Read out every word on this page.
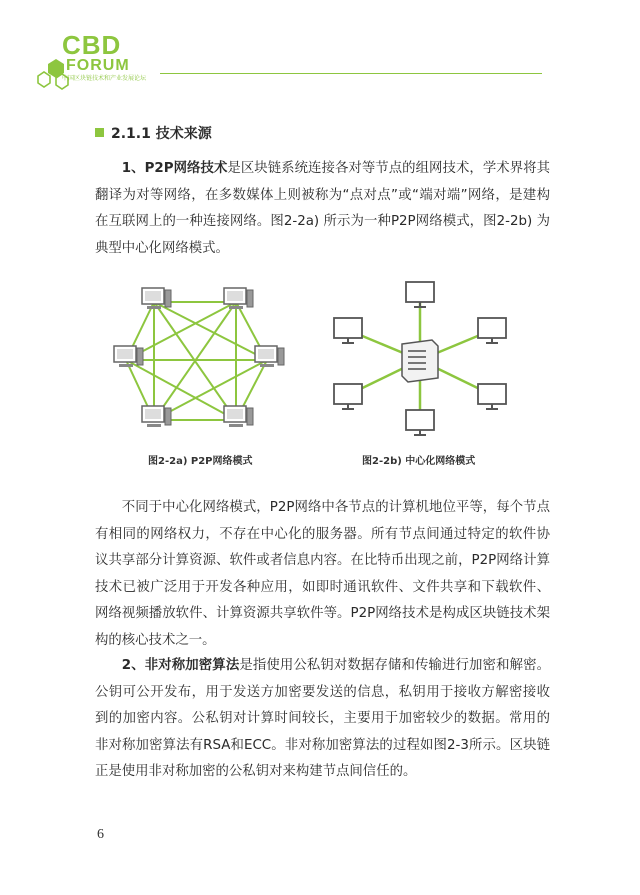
CBD
FORUM
中国区块链技术和产业发展论坛
2.1.1 技术来源
1、P2P网络技术是区块链系统连接各对等节点的组网技术，学术界将其翻译为对等网络，在多数媒体上则被称为“点对点”或“端对端”网络，是建构在互联网上的一种连接网络。图2-2a) 所示为一种P2P网络模式，图2-2b) 为典型中心化网络模式。
图2-2a) P2P网络模式	图2-2b) 中心化网络模式
不同于中心化网络模式，P2P网络中各节点的计算机地位平等，每个节点有相同的网络权力，不存在中心化的服务器。所有节点间通过特定的软件协议共享部分计算资源、软件或者信息内容。在比特币出现之前，P2P网络计算技术已被广泛用于开发各种应用，如即时通讯软件、文件共享和下载软件、网络视频播放软件、计算资源共享软件等。P2P网络技术是构成区块链技术架构的核心技术之一。
2、非对称加密算法是指使用公私钥对数据存储和传输进行加密和解密。公钥可公开发布，用于发送方加密要发送的信息，私钥用于接收方解密接收到的加密内容。公私钥对计算时间较长，主要用于加密较少的数据。常用的非对称加密算法有RSA和ECC。非对称加密算法的过程如图2-3所示。区块链正是使用非对称加密的公私钥对来构建节点间信任的。
6
